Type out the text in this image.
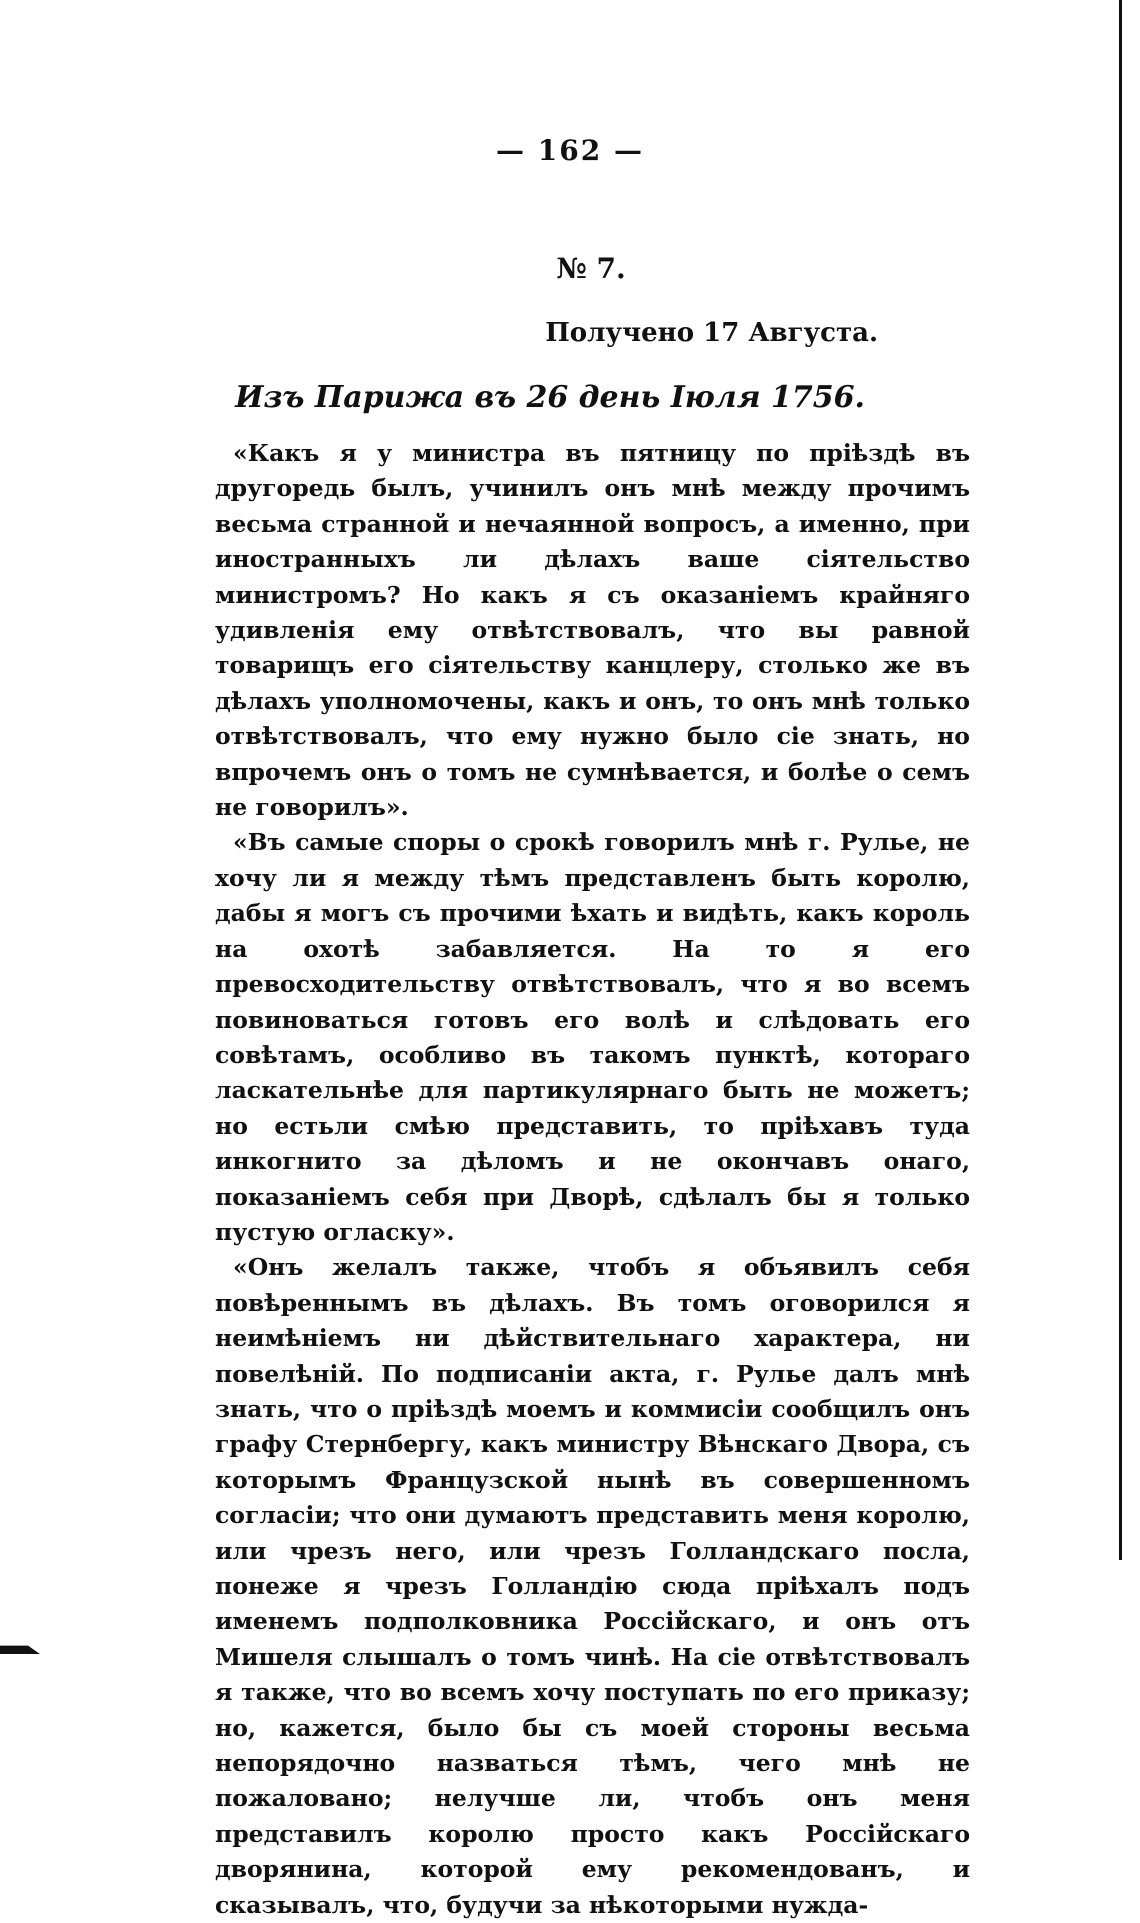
— 162 —
№ 7.
Получено 17 Августа.
Изъ Парижа въ 26 день Іюля 1756.

«Какъ я у министра въ пятницу по пріѣздѣ въ другоредь былъ, учинилъ онъ мнѣ между прочимъ весьма странной и нечаянной вопросъ, а именно, при иностранныхъ ли дѣлахъ ваше сіятельство министромъ? Но какъ я съ оказаніемъ крайняго удивленія ему отвѣтствовалъ, что вы равной товарищъ его сіятельству канцлеру, столько же въ дѣлахъ уполномочены, какъ и онъ, то онъ мнѣ только отвѣтствовалъ, что ему нужно было сіе знать, но впрочемъ онъ о томъ не сумнѣвается, и болѣе о семъ не говорилъ».

«Въ самые споры о срокѣ говорилъ мнѣ г. Рулье, не хочу ли я между тѣмъ представленъ быть королю, дабы я могъ съ прочими ѣхать и видѣть, какъ король на охотѣ забавляется. На то я его превосходительству отвѣтствовалъ, что я во всемъ повиноваться готовъ его волѣ и слѣдовать его совѣтамъ, особливо въ такомъ пунктѣ, котораго ласкательнѣе для партикулярнаго быть не можетъ; но естьли смѣю представить, то пріѣхавъ туда инкогнито за дѣломъ и не окончавъ онаго, показаніемъ себя при Дворѣ, сдѣлалъ бы я только пустую огласку».

«Онъ желалъ также, чтобъ я объявилъ себя повѣреннымъ въ дѣлахъ. Въ томъ оговорился я неимѣніемъ ни дѣйствительнаго характера, ни повелѣній. По подписаніи акта, г. Рулье далъ мнѣ знать, что о пріѣздѣ моемъ и коммисіи сообщилъ онъ графу Стернбергу, какъ министру Вѣнскаго Двора, съ которымъ Французской нынѣ въ совершенномъ согласіи; что они думаютъ представить меня королю, или чрезъ него, или чрезъ Голландскаго посла, понеже я чрезъ Голландію сюда пріѣхалъ подъ именемъ подполковника Россійскаго, и онъ отъ Мишеля слышалъ о томъ чинѣ. На сіе отвѣтствовалъ я также, что во всемъ хочу поступать по его приказу; но, кажется, было бы съ моей стороны весьма непорядочно назваться тѣмъ, чего мнѣ не пожаловано; нелучше ли, чтобъ онъ меня представилъ королю просто какъ Россійскаго дворянина, которой ему рекомендованъ, и сказывалъ, что, будучи за нѣкоторыми нужда-
